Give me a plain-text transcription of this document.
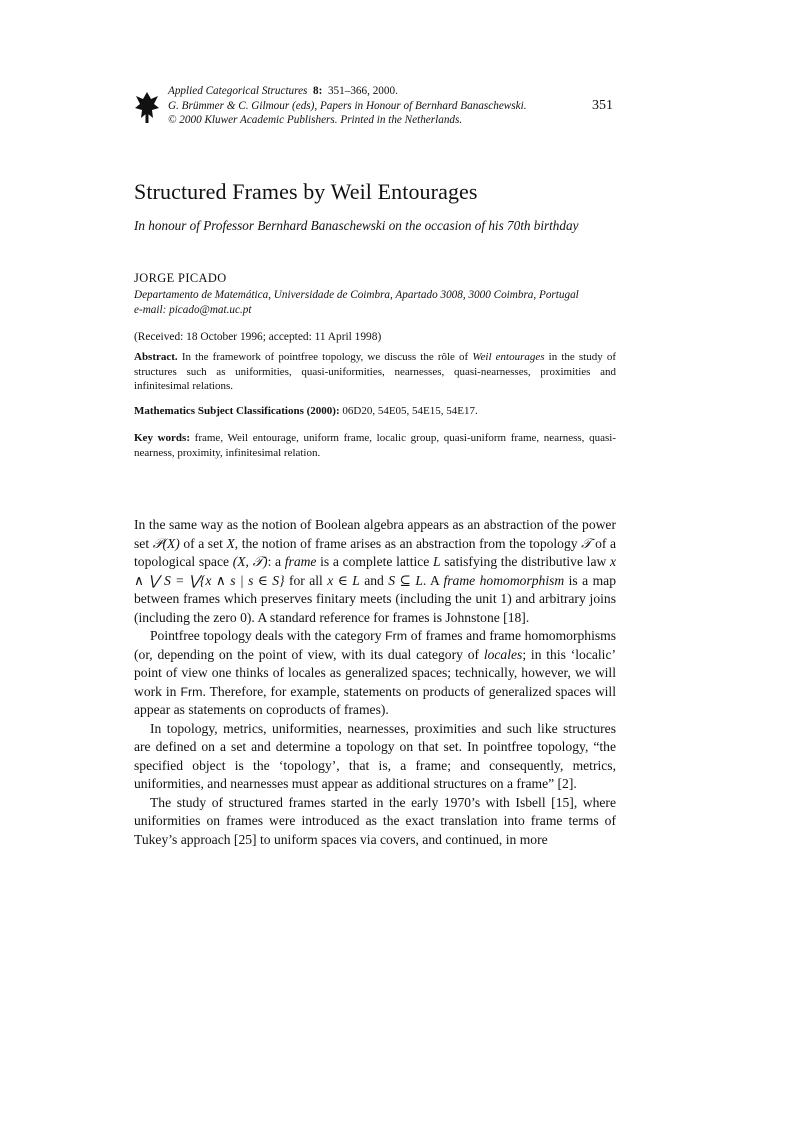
Applied Categorical Structures 8: 351–366, 2000.
G. Brümmer & C. Gilmour (eds), Papers in Honour of Bernhard Banaschewski.
© 2000 Kluwer Academic Publishers. Printed in the Netherlands.
351
Structured Frames by Weil Entourages
In honour of Professor Bernhard Banaschewski on the occasion of his 70th birthday
JORGE PICADO
Departamento de Matemática, Universidade de Coimbra, Apartado 3008, 3000 Coimbra, Portugal
e-mail: picado@mat.uc.pt
(Received: 18 October 1996; accepted: 11 April 1998)
Abstract. In the framework of pointfree topology, we discuss the rôle of Weil entourages in the study of structures such as uniformities, quasi-uniformities, nearnesses, quasi-nearnesses, proximities and infinitesimal relations.
Mathematics Subject Classifications (2000): 06D20, 54E05, 54E15, 54E17.
Key words: frame, Weil entourage, uniform frame, localic group, quasi-uniform frame, nearness, quasi-nearness, proximity, infinitesimal relation.

In the same way as the notion of Boolean algebra appears as an abstraction of the power set 𝒫(X) of a set X, the notion of frame arises as an abstraction from the topology 𝒯 of a topological space (X, 𝒯): a frame is a complete lattice L satisfying the distributive law x ∧ ⋁ S = ⋁{x ∧ s | s ∈ S} for all x ∈ L and S ⊆ L. A frame homomorphism is a map between frames which preserves finitary meets (including the unit 1) and arbitrary joins (including the zero 0). A standard reference for frames is Johnstone [18].

Pointfree topology deals with the category Frm of frames and frame homomorphisms (or, depending on the point of view, with its dual category of locales; in this ‘localic’ point of view one thinks of locales as generalized spaces; technically, however, we will work in Frm. Therefore, for example, statements on products of generalized spaces will appear as statements on coproducts of frames).

In topology, metrics, uniformities, nearnesses, proximities and such like structures are defined on a set and determine a topology on that set. In pointfree topology, “the specified object is the ‘topology’, that is, a frame; and consequently, metrics, uniformities, and nearnesses must appear as additional structures on a frame” [2].

The study of structured frames started in the early 1970’s with Isbell [15], where uniformities on frames were introduced as the exact translation into frame terms of Tukey’s approach [25] to uniform spaces via covers, and continued, in more
